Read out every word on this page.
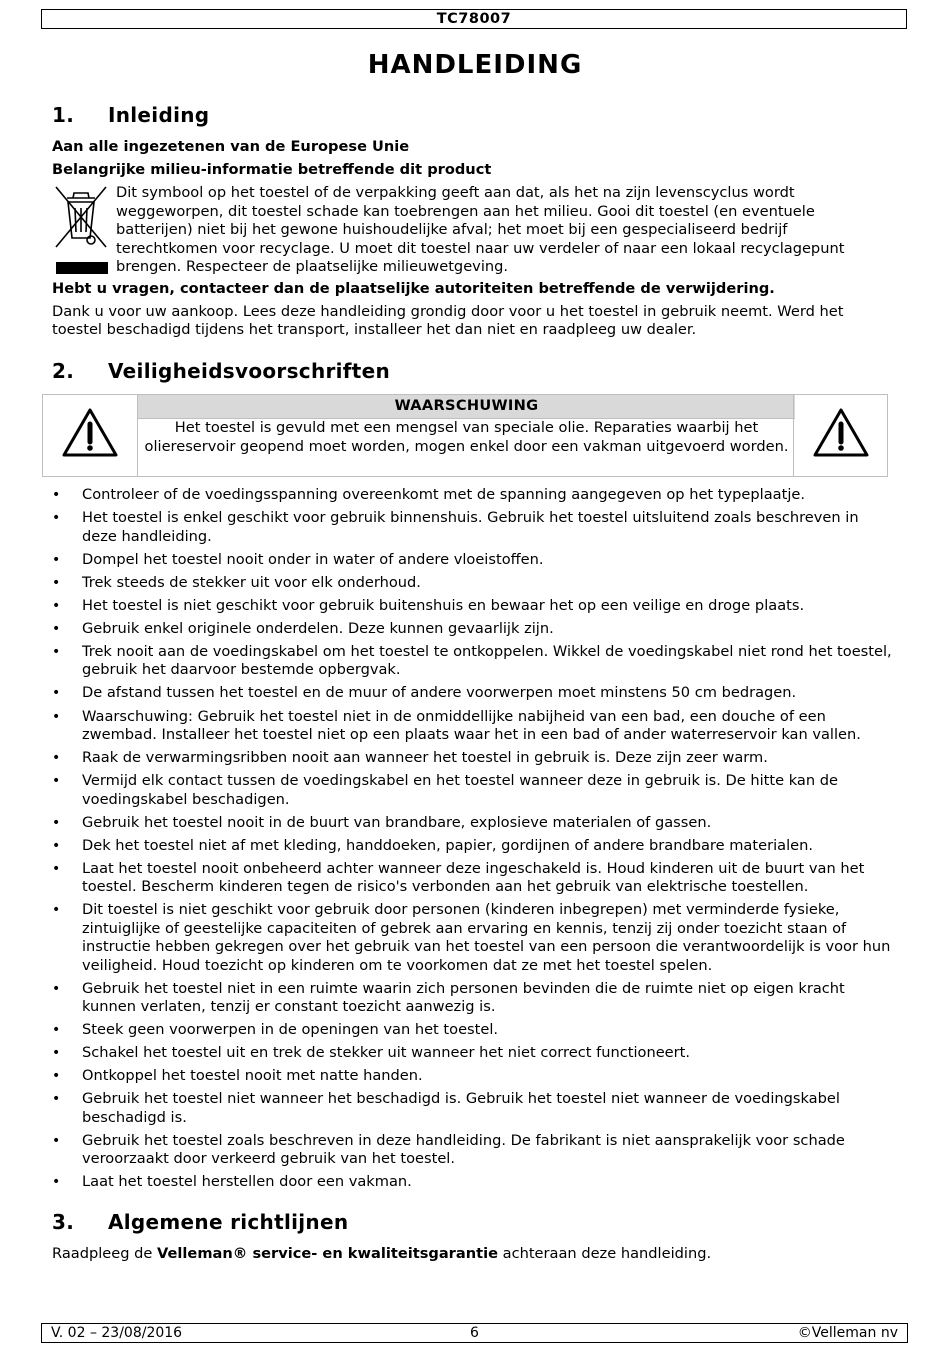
TC78007
HANDLEIDING
1. Inleiding
Aan alle ingezetenen van de Europese Unie
Belangrijke milieu-informatie betreffende dit product
Dit symbool op het toestel of de verpakking geeft aan dat, als het na zijn levenscyclus wordt weggeworpen, dit toestel schade kan toebrengen aan het milieu. Gooi dit toestel (en eventuele batterijen) niet bij het gewone huishoudelijke afval; het moet bij een gespecialiseerd bedrijf terechtkomen voor recyclage. U moet dit toestel naar uw verdeler of naar een lokaal recyclagepunt brengen. Respecteer de plaatselijke milieuwetgeving.
Hebt u vragen, contacteer dan de plaatselijke autoriteiten betreffende de verwijdering.
Dank u voor uw aankoop. Lees deze handleiding grondig door voor u het toestel in gebruik neemt. Werd het toestel beschadigd tijdens het transport, installeer het dan niet en raadpleeg uw dealer.
2. Veiligheidsvoorschriften
WAARSCHUWING
Het toestel is gevuld met een mengsel van speciale olie. Reparaties waarbij het oliereservoir geopend moet worden, mogen enkel door een vakman uitgevoerd worden.
• Controleer of de voedingsspanning overeenkomt met de spanning aangegeven op het typeplaatje.
• Het toestel is enkel geschikt voor gebruik binnenshuis. Gebruik het toestel uitsluitend zoals beschreven in deze handleiding.
• Dompel het toestel nooit onder in water of andere vloeistoffen.
• Trek steeds de stekker uit voor elk onderhoud.
• Het toestel is niet geschikt voor gebruik buitenshuis en bewaar het op een veilige en droge plaats.
• Gebruik enkel originele onderdelen. Deze kunnen gevaarlijk zijn.
• Trek nooit aan de voedingskabel om het toestel te ontkoppelen. Wikkel de voedingskabel niet rond het toestel, gebruik het daarvoor bestemde opbergvak.
• De afstand tussen het toestel en de muur of andere voorwerpen moet minstens 50 cm bedragen.
• Waarschuwing: Gebruik het toestel niet in de onmiddellijke nabijheid van een bad, een douche of een zwembad. Installeer het toestel niet op een plaats waar het in een bad of ander waterreservoir kan vallen.
• Raak de verwarmingsribben nooit aan wanneer het toestel in gebruik is. Deze zijn zeer warm.
• Vermijd elk contact tussen de voedingskabel en het toestel wanneer deze in gebruik is. De hitte kan de voedingskabel beschadigen.
• Gebruik het toestel nooit in de buurt van brandbare, explosieve materialen of gassen.
• Dek het toestel niet af met kleding, handdoeken, papier, gordijnen of andere brandbare materialen.
• Laat het toestel nooit onbeheerd achter wanneer deze ingeschakeld is. Houd kinderen uit de buurt van het toestel. Bescherm kinderen tegen de risico's verbonden aan het gebruik van elektrische toestellen.
• Dit toestel is niet geschikt voor gebruik door personen (kinderen inbegrepen) met verminderde fysieke, zintuiglijke of geestelijke capaciteiten of gebrek aan ervaring en kennis, tenzij zij onder toezicht staan of instructie hebben gekregen over het gebruik van het toestel van een persoon die verantwoordelijk is voor hun veiligheid. Houd toezicht op kinderen om te voorkomen dat ze met het toestel spelen.
• Gebruik het toestel niet in een ruimte waarin zich personen bevinden die de ruimte niet op eigen kracht kunnen verlaten, tenzij er constant toezicht aanwezig is.
• Steek geen voorwerpen in de openingen van het toestel.
• Schakel het toestel uit en trek de stekker uit wanneer het niet correct functioneert.
• Ontkoppel het toestel nooit met natte handen.
• Gebruik het toestel niet wanneer het beschadigd is. Gebruik het toestel niet wanneer de voedingskabel beschadigd is.
• Gebruik het toestel zoals beschreven in deze handleiding. De fabrikant is niet aansprakelijk voor schade veroorzaakt door verkeerd gebruik van het toestel.
• Laat het toestel herstellen door een vakman.
3. Algemene richtlijnen
Raadpleeg de Velleman® service- en kwaliteitsgarantie achteraan deze handleiding.
V. 02 – 23/08/2016	6	©Velleman nv
